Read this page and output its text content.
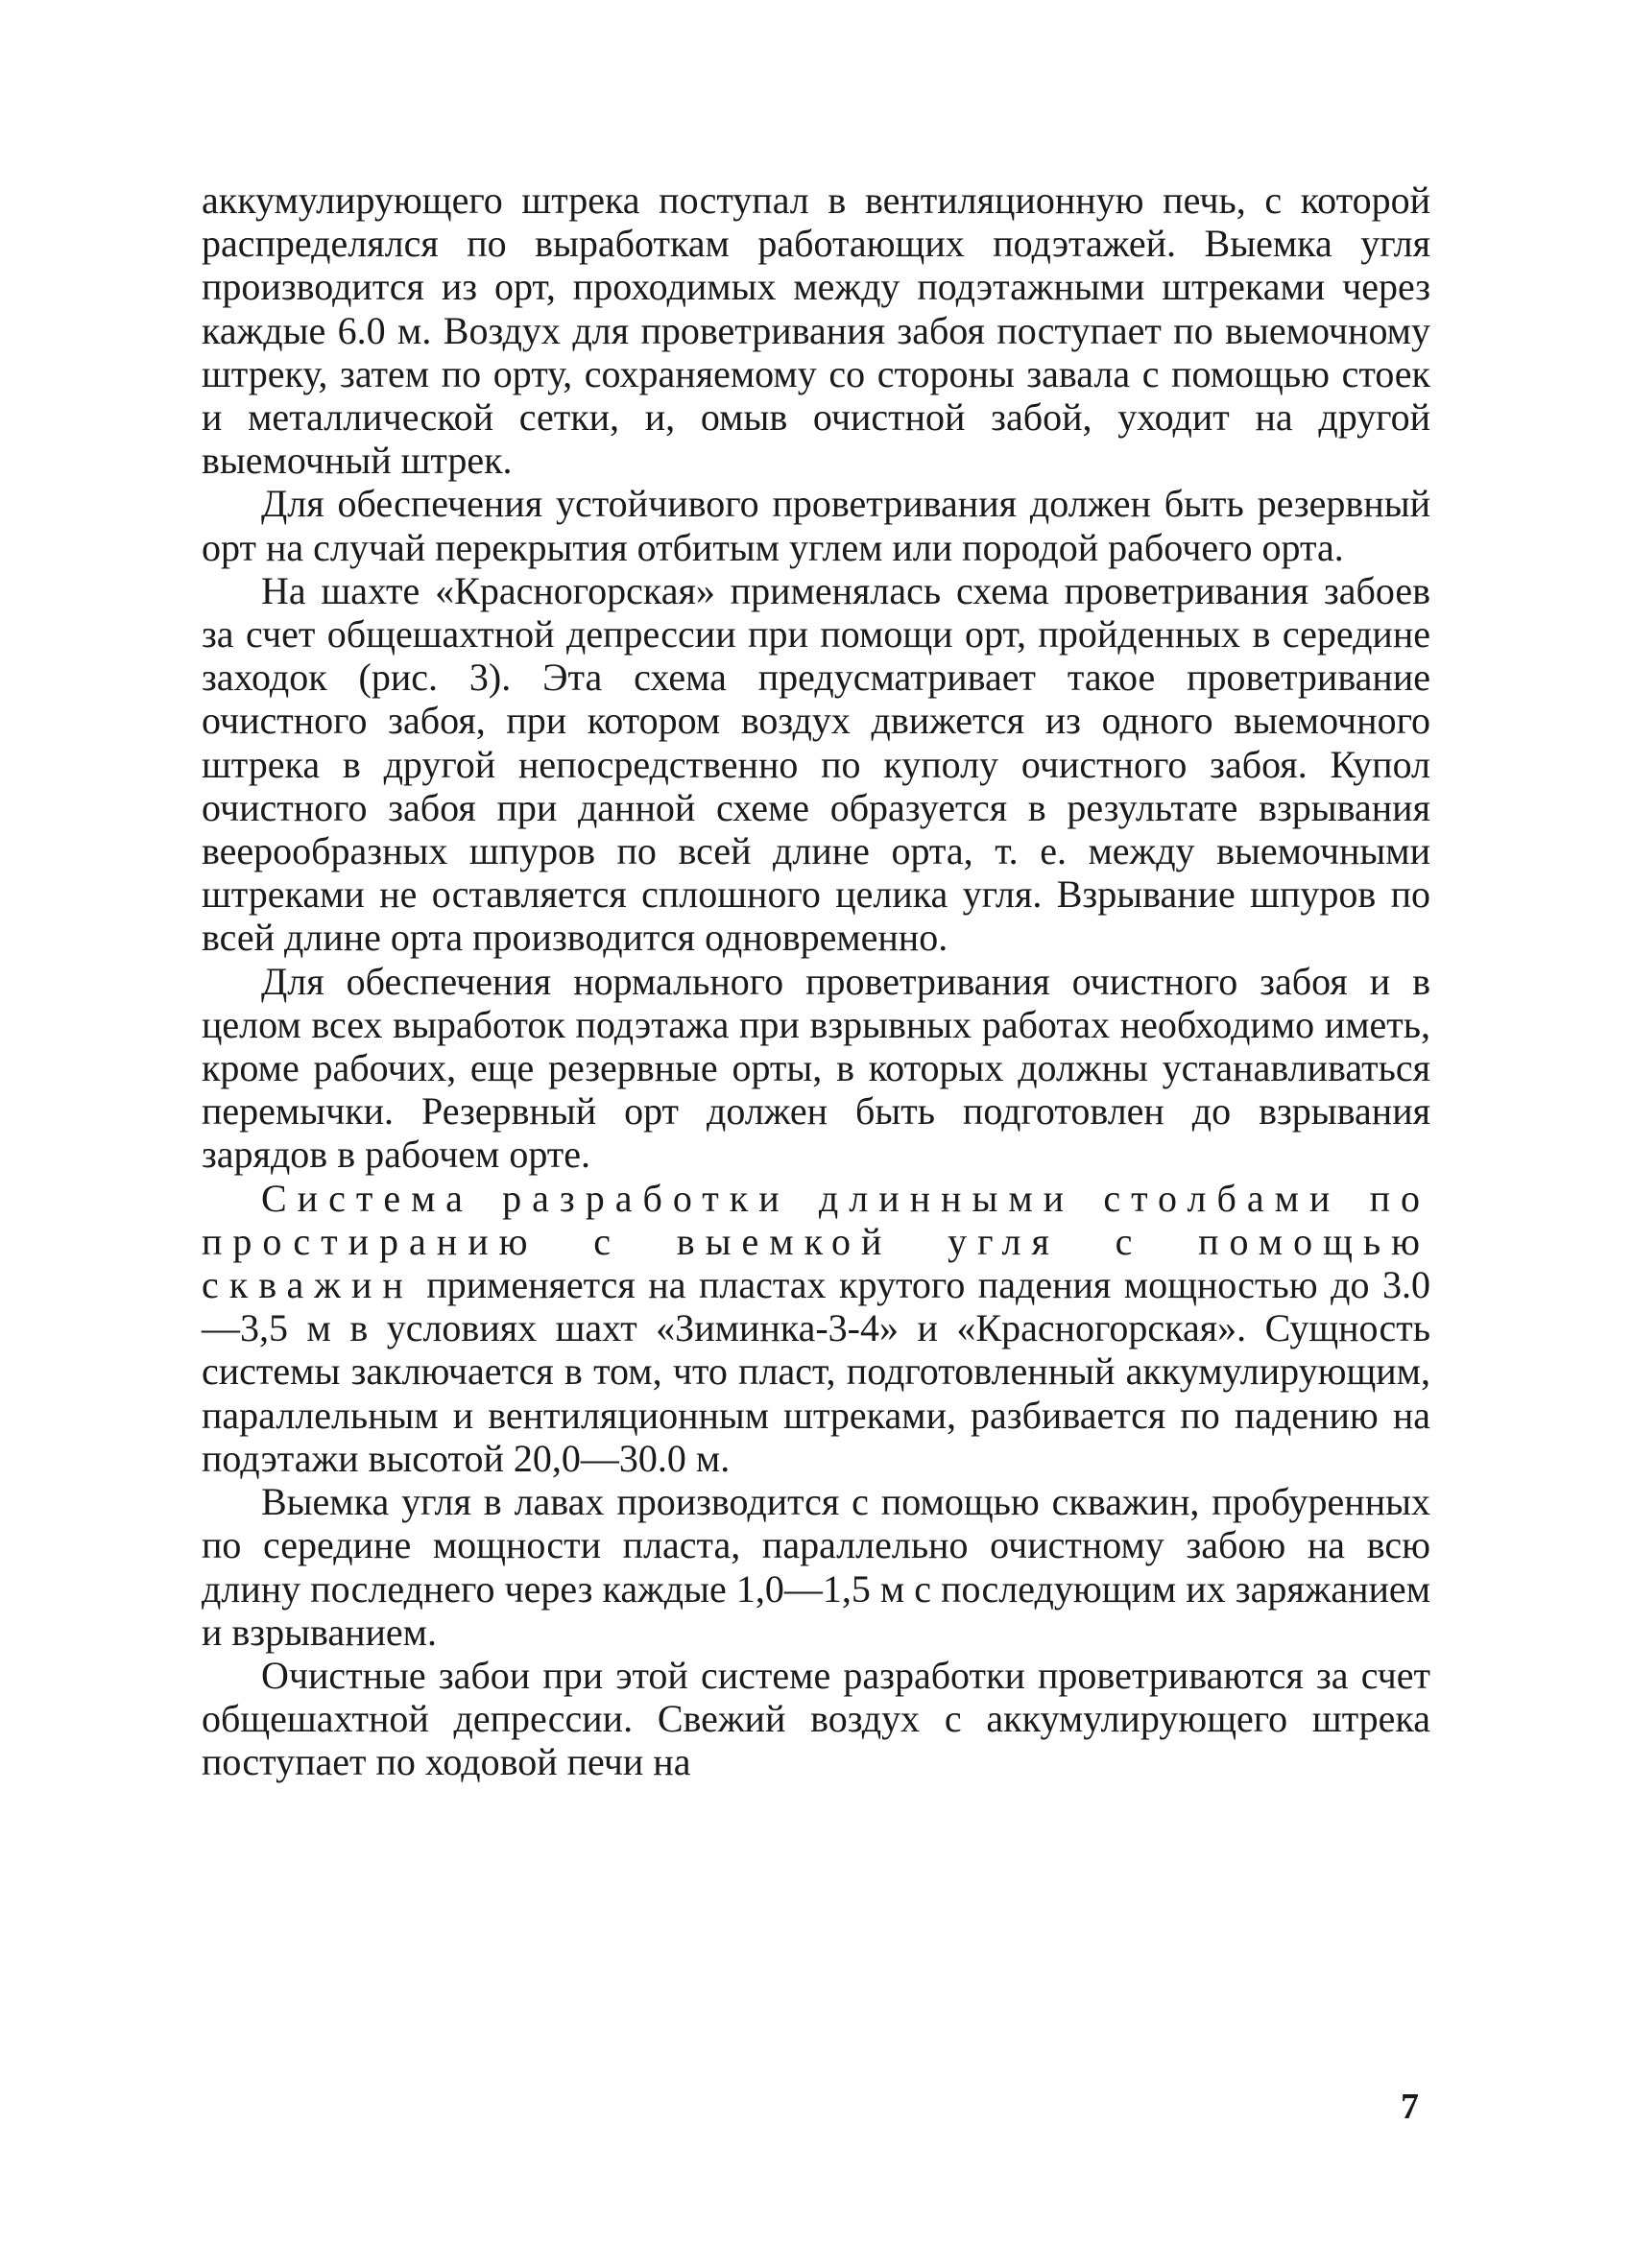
аккумулирующего штрека поступал в вентиляционную печь, с которой распределялся по выработкам работающих подэтажей. Выемка угля производится из орт, проходимых между подэтажными штреками через каждые 6.0 м. Воздух для проветривания забоя поступает по выемочному штреку, затем по орту, сохраняемому со стороны завала с помощью стоек и металлической сетки, и, омыв очистной забой, уходит на другой выемочный штрек.

Для обеспечения устойчивого проветривания должен быть резервный орт на случай перекрытия отбитым углем или породой рабочего орта.

На шахте «Красногорская» применялась схема проветривания забоев за счет общешахтной депрессии при помощи орт, пройденных в середине заходок (рис. 3). Эта схема предусматривает такое проветривание очистного забоя, при котором воздух движется из одного выемочного штрека в другой непосредственно по куполу очистного забоя. Купол очистного забоя при данной схеме образуется в результате взрывания веерообразных шпуров по всей длине орта, т. е. между выемочными штреками не оставляется сплошного целика угля. Взрывание шпуров по всей длине орта производится одновременно.

Для обеспечения нормального проветривания очистного забоя и в целом всех выработок подэтажа при взрывных работах необходимо иметь, кроме рабочих, еще резервные орты, в которых должны устанавливаться перемычки. Резервный орт должен быть подготовлен до взрывания зарядов в рабочем орте.

Система разработки длинными столбами по простиранию с выемкой угля с помощью скважин применяется на пластах крутого падения мощностью до 3.0—3,5 м в условиях шахт «Зиминка-3-4» и «Красногорская». Сущность системы заключается в том, что пласт, подготовленный аккумулирующим, параллельным и вентиляционным штреками, разбивается по падению на подэтажи высотой 20,0—30.0 м.

Выемка угля в лавах производится с помощью скважин, пробуренных по середине мощности пласта, параллельно очистному забою на всю длину последнего через каждые 1,0—1,5 м с последующим их заряжанием и взрыванием.

Очистные забои при этой системе разработки проветриваются за счет общешахтной депрессии. Свежий воздух с аккумулирующего штрека поступает по ходовой печи на

7
